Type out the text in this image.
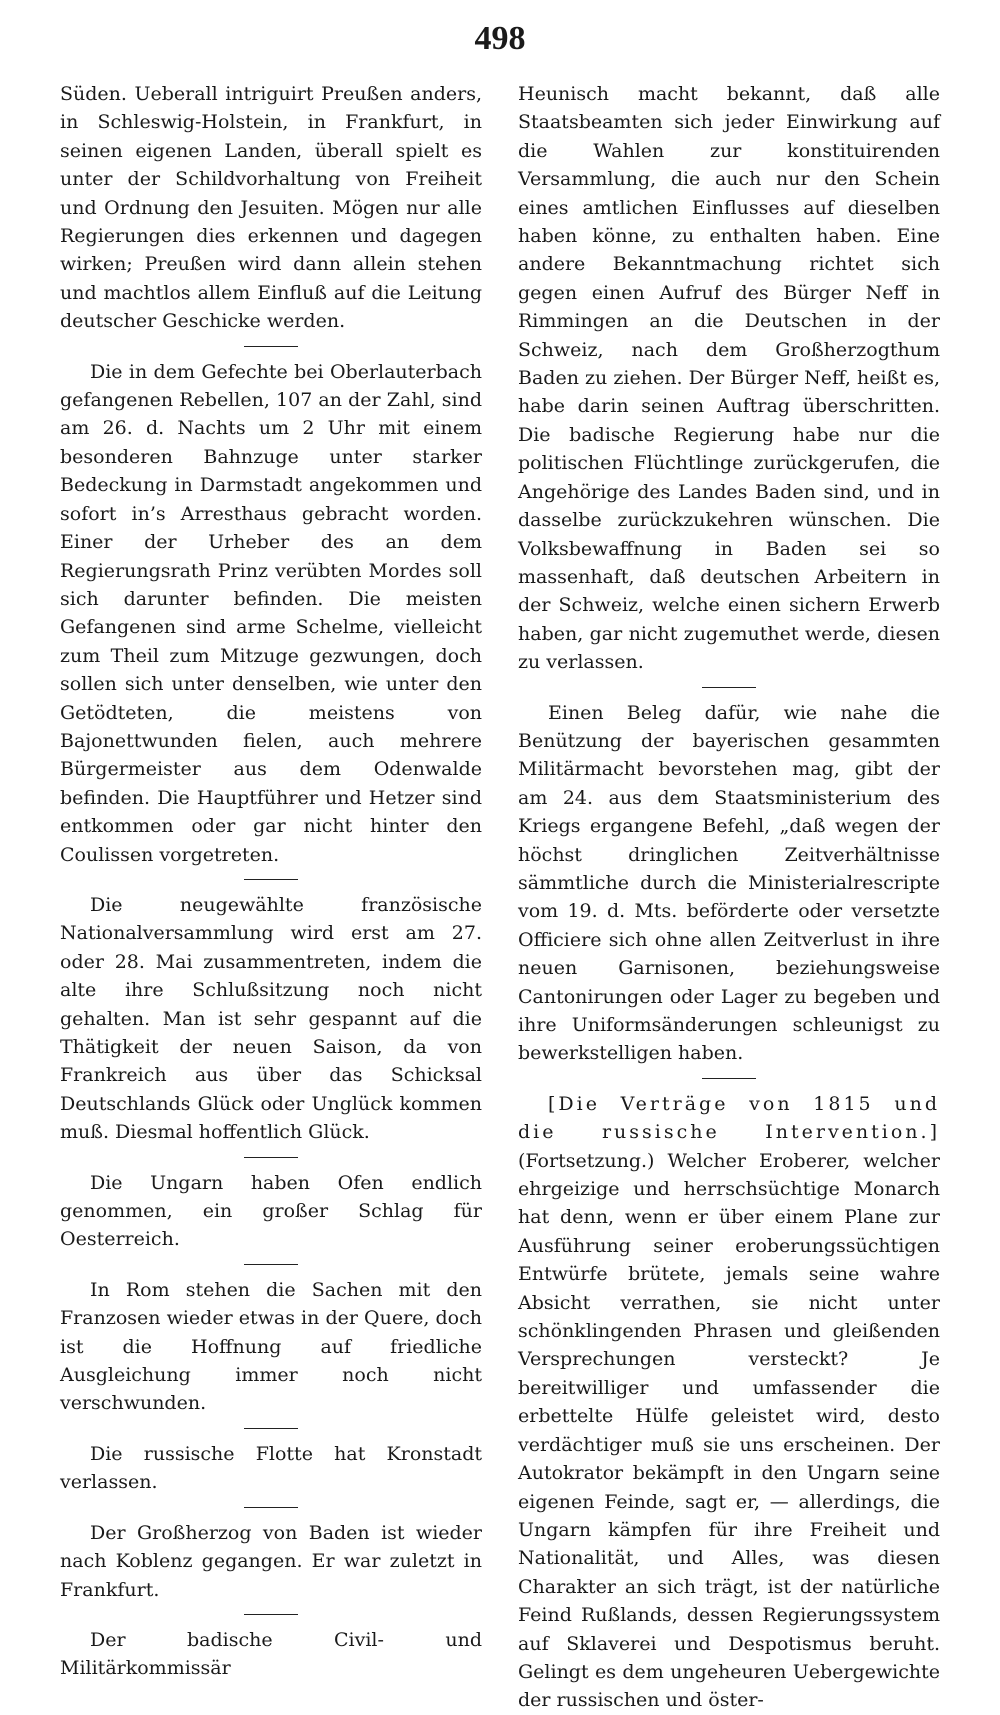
498

Süden. Ueberall intriguirt Preußen anders, in Schleswig-Holstein, in Frankfurt, in seinen eigenen Landen, überall spielt es unter der Schildvorhaltung von Freiheit und Ordnung den Jesuiten. Mögen nur alle Regierungen dies erkennen und dagegen wirken; Preußen wird dann allein stehen und machtlos allem Einfluß auf die Leitung deutscher Geschicke werden.

Die in dem Gefechte bei Oberlauterbach gefangenen Rebellen, 107 an der Zahl, sind am 26. d. Nachts um 2 Uhr mit einem besonderen Bahnzuge unter starker Bedeckung in Darmstadt angekommen und sofort in’s Arresthaus gebracht worden. Einer der Urheber des an dem Regierungsrath Prinz verübten Mordes soll sich darunter befinden. Die meisten Gefangenen sind arme Schelme, vielleicht zum Theil zum Mitzuge gezwungen, doch sollen sich unter denselben, wie unter den Getödteten, die meistens von Bajonettwunden fielen, auch mehrere Bürgermeister aus dem Odenwalde befinden. Die Hauptführer und Hetzer sind entkommen oder gar nicht hinter den Coulissen vorgetreten.

Die neugewählte französische Nationalversammlung wird erst am 27. oder 28. Mai zusammentreten, indem die alte ihre Schlußsitzung noch nicht gehalten. Man ist sehr gespannt auf die Thätigkeit der neuen Saison, da von Frankreich aus über das Schicksal Deutschlands Glück oder Unglück kommen muß. Diesmal hoffentlich Glück.

Die Ungarn haben Ofen endlich genommen, ein großer Schlag für Oesterreich.

In Rom stehen die Sachen mit den Franzosen wieder etwas in der Quere, doch ist die Hoffnung auf friedliche Ausgleichung immer noch nicht verschwunden.

Die russische Flotte hat Kronstadt verlassen.

Der Großherzog von Baden ist wieder nach Koblenz gegangen. Er war zuletzt in Frankfurt.

Der badische Civil- und Militärkommissär

Heunisch macht bekannt, daß alle Staatsbeamten sich jeder Einwirkung auf die Wahlen zur konstituirenden Versammlung, die auch nur den Schein eines amtlichen Einflusses auf dieselben haben könne, zu enthalten haben. Eine andere Bekanntmachung richtet sich gegen einen Aufruf des Bürger Neff in Rimmingen an die Deutschen in der Schweiz, nach dem Großherzogthum Baden zu ziehen. Der Bürger Neff, heißt es, habe darin seinen Auftrag überschritten. Die badische Regierung habe nur die politischen Flüchtlinge zurückgerufen, die Angehörige des Landes Baden sind, und in dasselbe zurückzukehren wünschen. Die Volksbewaffnung in Baden sei so massenhaft, daß deutschen Arbeitern in der Schweiz, welche einen sichern Erwerb haben, gar nicht zugemuthet werde, diesen zu verlassen.

Einen Beleg dafür, wie nahe die Benützung der bayerischen gesammten Militärmacht bevorstehen mag, gibt der am 24. aus dem Staatsministerium des Kriegs ergangene Befehl, „daß wegen der höchst dringlichen Zeitverhältnisse sämmtliche durch die Ministerialrescripte vom 19. d. Mts. beförderte oder versetzte Officiere sich ohne allen Zeitverlust in ihre neuen Garnisonen, beziehungsweise Cantonirungen oder Lager zu begeben und ihre Uniformsänderungen schleunigst zu bewerkstelligen haben.

[Die Verträge von 1815 und die russische Intervention.] (Fortsetzung.) Welcher Eroberer, welcher ehrgeizige und herrschsüchtige Monarch hat denn, wenn er über einem Plane zur Ausführung seiner eroberungssüchtigen Entwürfe brütete, jemals seine wahre Absicht verrathen, sie nicht unter schönklingenden Phrasen und gleißenden Versprechungen versteckt? Je bereitwilliger und umfassender die erbettelte Hülfe geleistet wird, desto verdächtiger muß sie uns erscheinen. Der Autokrator bekämpft in den Ungarn seine eigenen Feinde, sagt er, — allerdings, die Ungarn kämpfen für ihre Freiheit und Nationalität, und Alles, was diesen Charakter an sich trägt, ist der natürliche Feind Rußlands, dessen Regierungssystem auf Sklaverei und Despotismus beruht. Gelingt es dem ungeheuren Uebergewichte der russischen und öster-
